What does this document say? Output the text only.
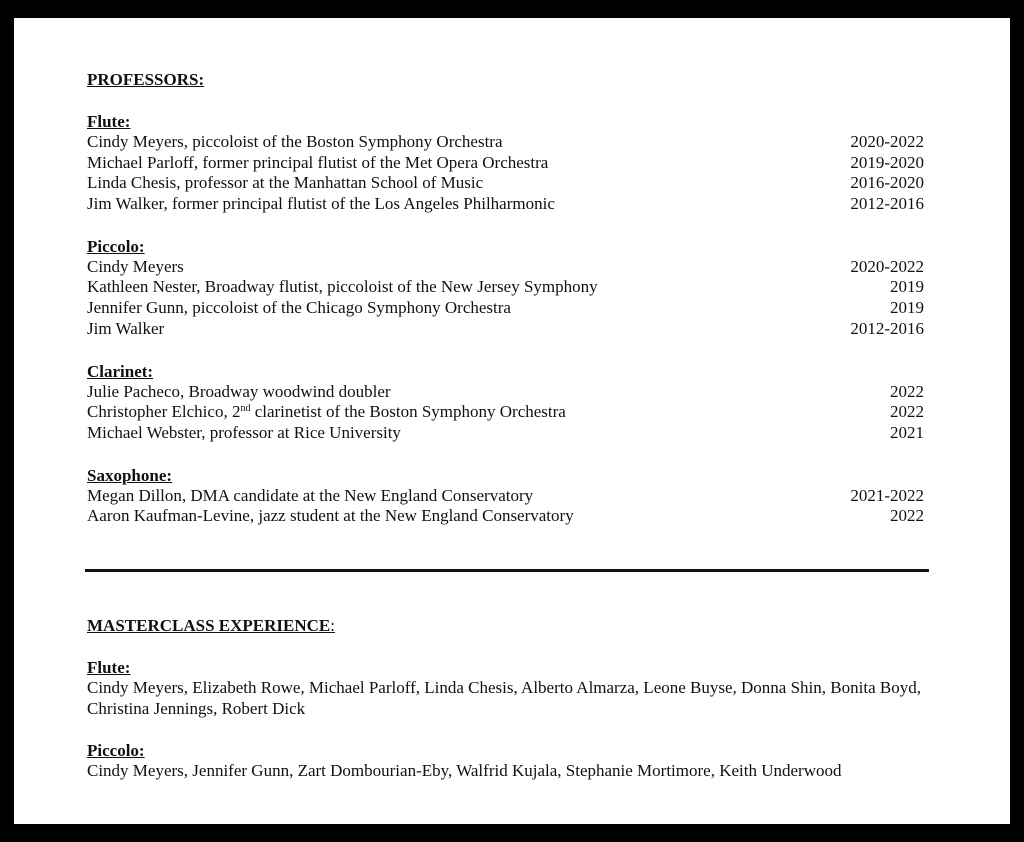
PROFESSORS:
Flute:
Cindy Meyers, piccoloist of the Boston Symphony Orchestra	2020-2022
Michael Parloff, former principal flutist of the Met Opera Orchestra	2019-2020
Linda Chesis, professor at the Manhattan School of Music	2016-2020
Jim Walker, former principal flutist of the Los Angeles Philharmonic	2012-2016
Piccolo:
Cindy Meyers	2020-2022
Kathleen Nester, Broadway flutist, piccoloist of the New Jersey Symphony	2019
Jennifer Gunn, piccoloist of the Chicago Symphony Orchestra	2019
Jim Walker	2012-2016
Clarinet:
Julie Pacheco, Broadway woodwind doubler	2022
Christopher Elchico, 2nd clarinetist of the Boston Symphony Orchestra	2022
Michael Webster, professor at Rice University	2021
Saxophone:
Megan Dillon, DMA candidate at the New England Conservatory	2021-2022
Aaron Kaufman-Levine, jazz student at the New England Conservatory	2022
MASTERCLASS EXPERIENCE :
Flute:
Cindy Meyers, Elizabeth Rowe, Michael Parloff, Linda Chesis, Alberto Almarza, Leone Buyse, Donna Shin, Bonita Boyd, Christina Jennings, Robert Dick
Piccolo:
Cindy Meyers, Jennifer Gunn, Zart Dombourian-Eby, Walfrid Kujala, Stephanie Mortimore, Keith Underwood
